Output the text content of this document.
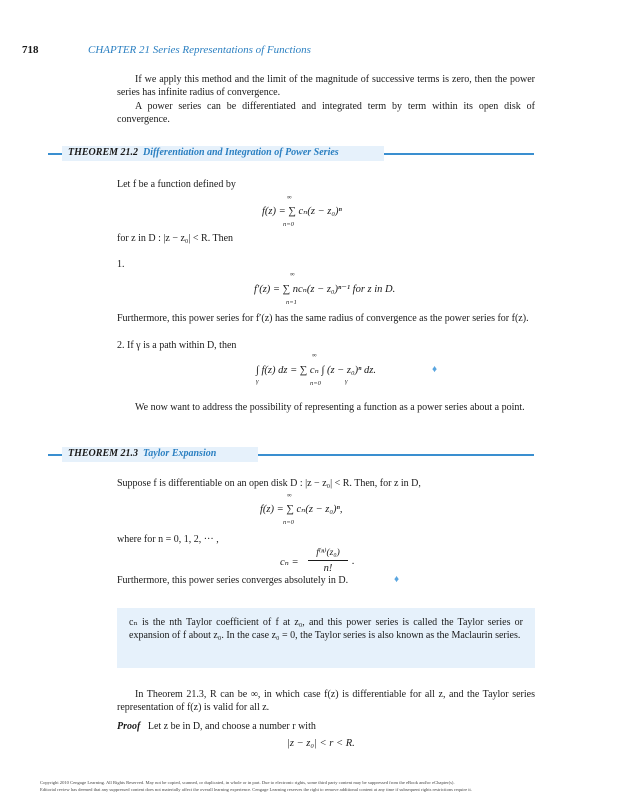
718	CHAPTER 21 Series Representations of Functions
If we apply this method and the limit of the magnitude of successive terms is zero, then the power series has infinite radius of convergence.
A power series can be differentiated and integrated term by term within its open disk of convergence.
THEOREM 21.2 Differentiation and Integration of Power Series
Let f be a function defined by
∞
f(z) = ∑ cₙ(z − z₀)ⁿ
n=0
for z in D : |z − z₀| < R. Then
1.
∞
f′(z) = ∑ ncₙ(z − z₀)ⁿ⁻¹ for z in D.
n=1
Furthermore, this power series for f′(z) has the same radius of convergence as the power series for f(z).
2. If γ is a path within D, then
∞
∫ f(z) dz = ∑ cₙ ∫ (z − z₀)ⁿ dz.
γ	n=0	γ
♦
We now want to address the possibility of representing a function as a power series about a point.
THEOREM 21.3 Taylor Expansion
Suppose f is differentiable on an open disk D : |z − z₀| < R. Then, for z in D,
∞
f(z) = ∑ cₙ(z − z₀)ⁿ,
n=0
where for n = 0, 1, 2, ··· ,
cₙ =
f⁽ⁿ⁾(z₀)
n!
.
Furthermore, this power series converges absolutely in D.	♦

cₙ is the nth Taylor coefficient of f at z₀, and this power series is called the Taylor series or expansion of f about z₀. In the case z₀ = 0, the Taylor series is also known as the Maclaurin series.

In Theorem 21.3, R can be ∞, in which case f(z) is differentiable for all z, and the Taylor series representation of f(z) is valid for all z.
Proof Let z be in D, and choose a number r with
|z − z₀| < r < R.
Copyright 2010 Cengage Learning. All Rights Reserved. May not be copied, scanned, or duplicated, in whole or in part. Due to electronic rights, some third party content may be suppressed from the eBook and/or eChapter(s).
Editorial review has deemed that any suppressed content does not materially affect the overall learning experience. Cengage Learning reserves the right to remove additional content at any time if subsequent rights restrictions require it.
